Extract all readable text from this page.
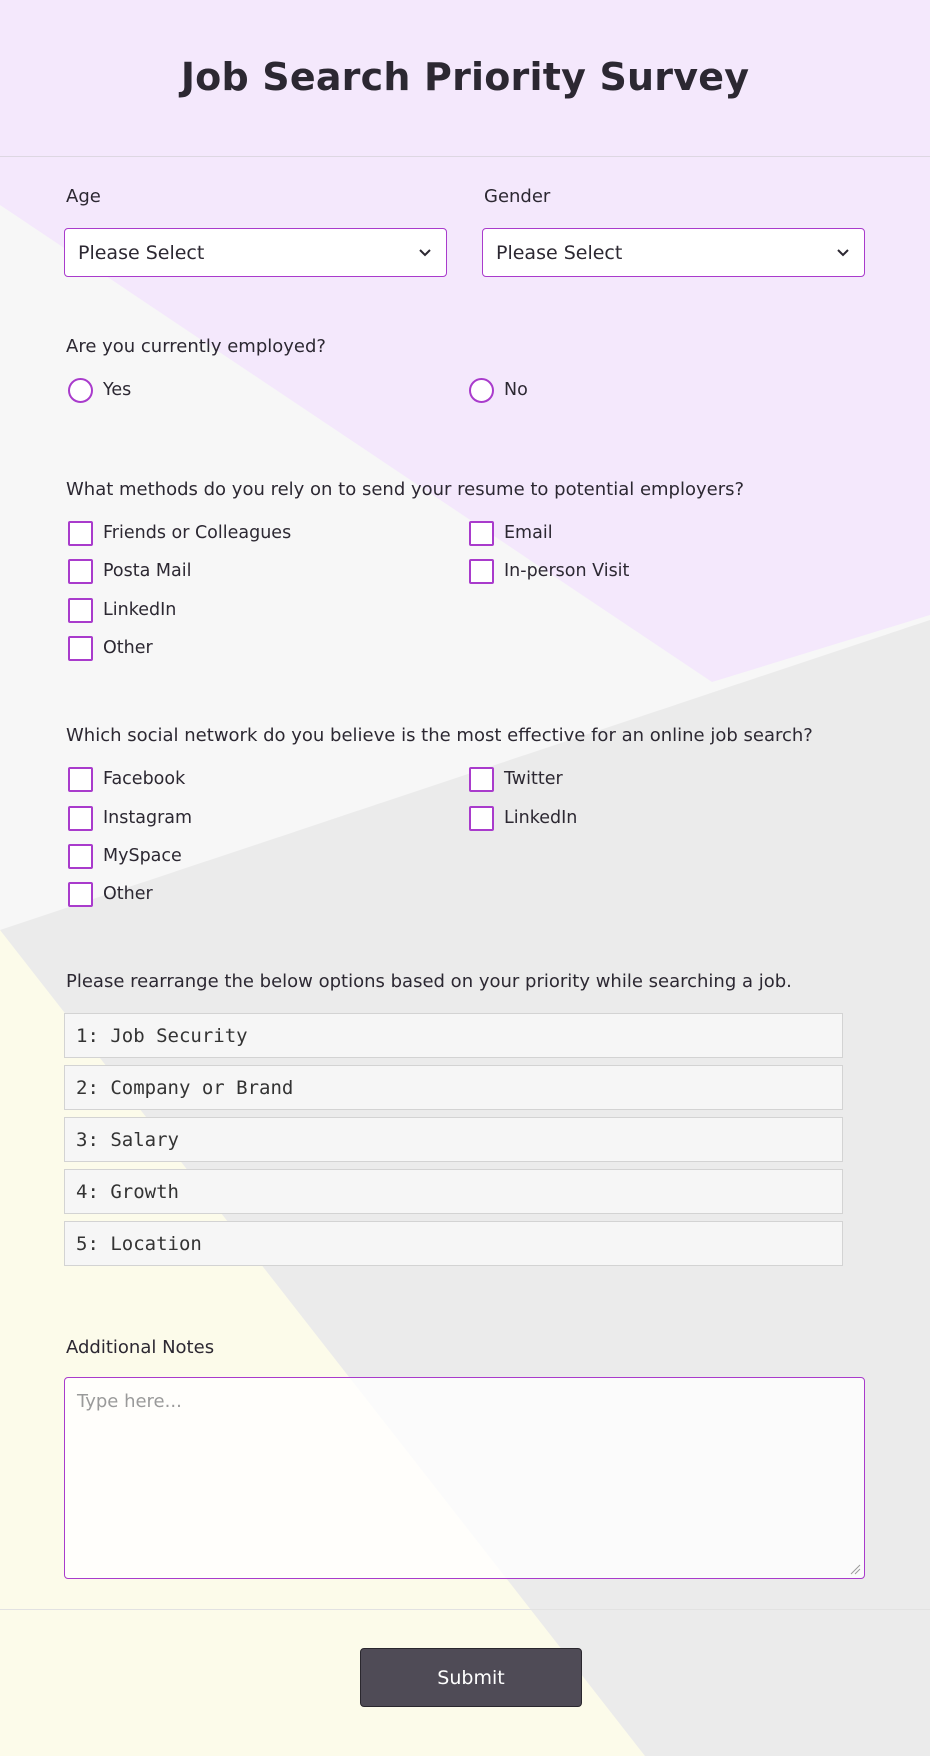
Job Search Priority Survey
Age
Please Select
Gender
Please Select
Are you currently employed?
Yes	No
What methods do you rely on to send your resume to potential employers?
Friends or Colleagues	Email
Posta Mail	In-person Visit
LinkedIn
Other
Which social network do you believe is the most effective for an online job search?
Facebook	Twitter
Instagram	LinkedIn
MySpace
Other
Please rearrange the below options based on your priority while searching a job.
1: Job Security
2: Company or Brand
3: Salary
4: Growth
5: Location
Additional Notes
Type here...
Submit
